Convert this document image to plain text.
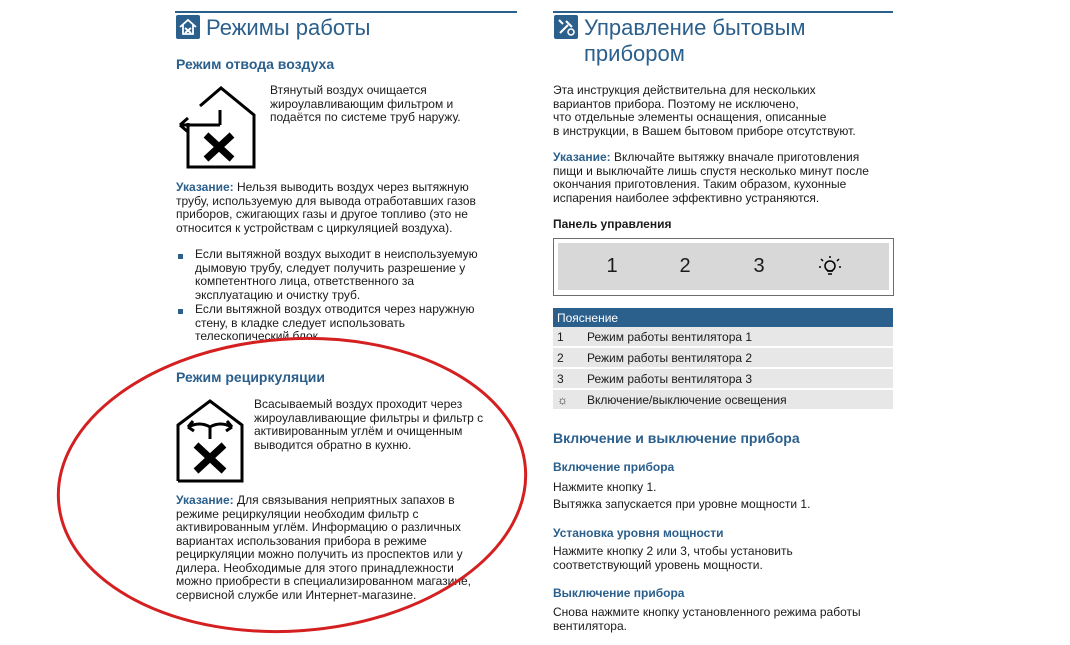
Режимы работы
Режим отвода воздуха
Втянутый воздух очищается
жироулавливающим фильтром и
подаётся по системе труб наружу.
Указание: Нельзя выводить воздух через вытяжную
трубу, используемую для вывода отработавших газов
приборов, сжигающих газы и другое топливо (это не
относится к устройствам с циркуляцией воздуха).
Если вытяжной воздух выходит в неиспользуемую
дымовую трубу, следует получить разрешение у
компетентного лица, ответственного за
эксплуатацию и очистку труб.
Если вытяжной воздух отводится через наружную
стену, в кладке следует использовать
телескопический блок.
Режим рециркуляции
Всасываемый воздух проходит через
жироулавливающие фильтры и фильтр с
активированным углём и очищенным
выводится обратно в кухню.
Указание: Для связывания неприятных запахов в
режиме рециркуляции необходим фильтр с
активированным углём. Информацию о различных
вариантах использования прибора в режиме
рециркуляции можно получить из проспектов или у
дилера. Необходимые для этого принадлежности
можно приобрести в специализированном магазине,
сервисной службе или Интернет-магазине.
Управление бытовым
прибором
Эта инструкция действительна для нескольких
вариантов прибора. Поэтому не исключено,
что отдельные элементы оснащения, описанные
в инструкции, в Вашем бытовом приборе отсутствуют.
Указание: Включайте вытяжку вначале приготовления
пищи и выключайте лишь спустя несколько минут после
окончания приготовления. Таким образом, кухонные
испарения наиболее эффективно устраняются.
Панель управления
1	2	3
Пояснение	
1	Режим работы вентилятора 1
2	Режим работы вентилятора 2
3	Режим работы вентилятора 3
☼	Включение/выключение освещения
Включение и выключение прибора
Включение прибора
Нажмите кнопку 1.
Вытяжка запускается при уровне мощности 1.
Установка уровня мощности
Нажмите кнопку 2 или 3, чтобы установить
соответствующий уровень мощности.
Выключение прибора
Снова нажмите кнопку установленного режима работы
вентилятора.
